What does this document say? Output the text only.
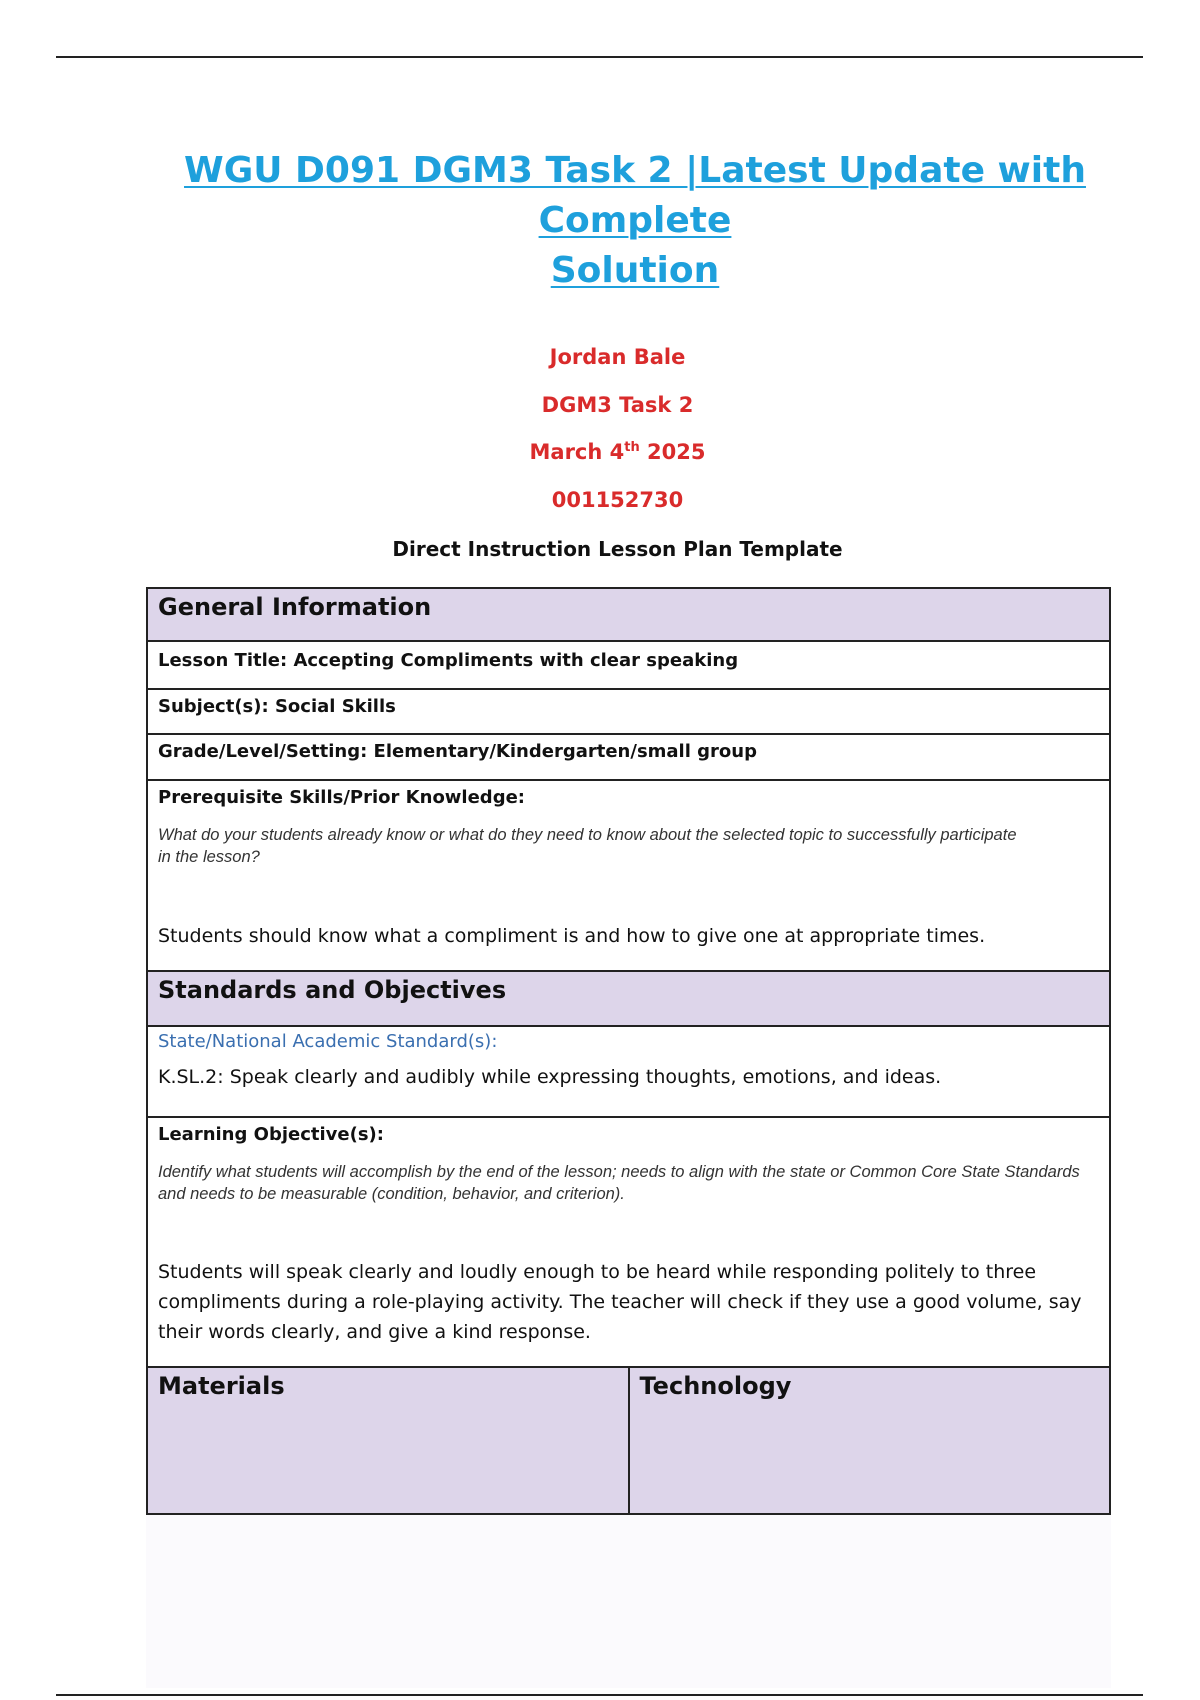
WGU D091 DGM3 Task 2 |Latest Update with Complete
Solution
Jordan Bale
DGM3 Task 2
March 4th 2025
001152730
Direct Instruction Lesson Plan Template
General Information
Lesson Title: Accepting Compliments with clear speaking
Subject(s): Social Skills
Grade/Level/Setting: Elementary/Kindergarten/small group
Prerequisite Skills/Prior Knowledge:
What do your students already know or what do they need to know about the selected topic to successfully participate in the lesson?
Students should know what a compliment is and how to give one at appropriate times.
Standards and Objectives
State/National Academic Standard(s):
K.SL.2: Speak clearly and audibly while expressing thoughts, emotions, and ideas.
Learning Objective(s):
Identify what students will accomplish by the end of the lesson; needs to align with the state or Common Core State Standards and needs to be measurable (condition, behavior, and criterion).
Students will speak clearly and loudly enough to be heard while responding politely to three compliments during a role-playing activity. The teacher will check if they use a good volume, say their words clearly, and give a kind response.
Materials	Technology
